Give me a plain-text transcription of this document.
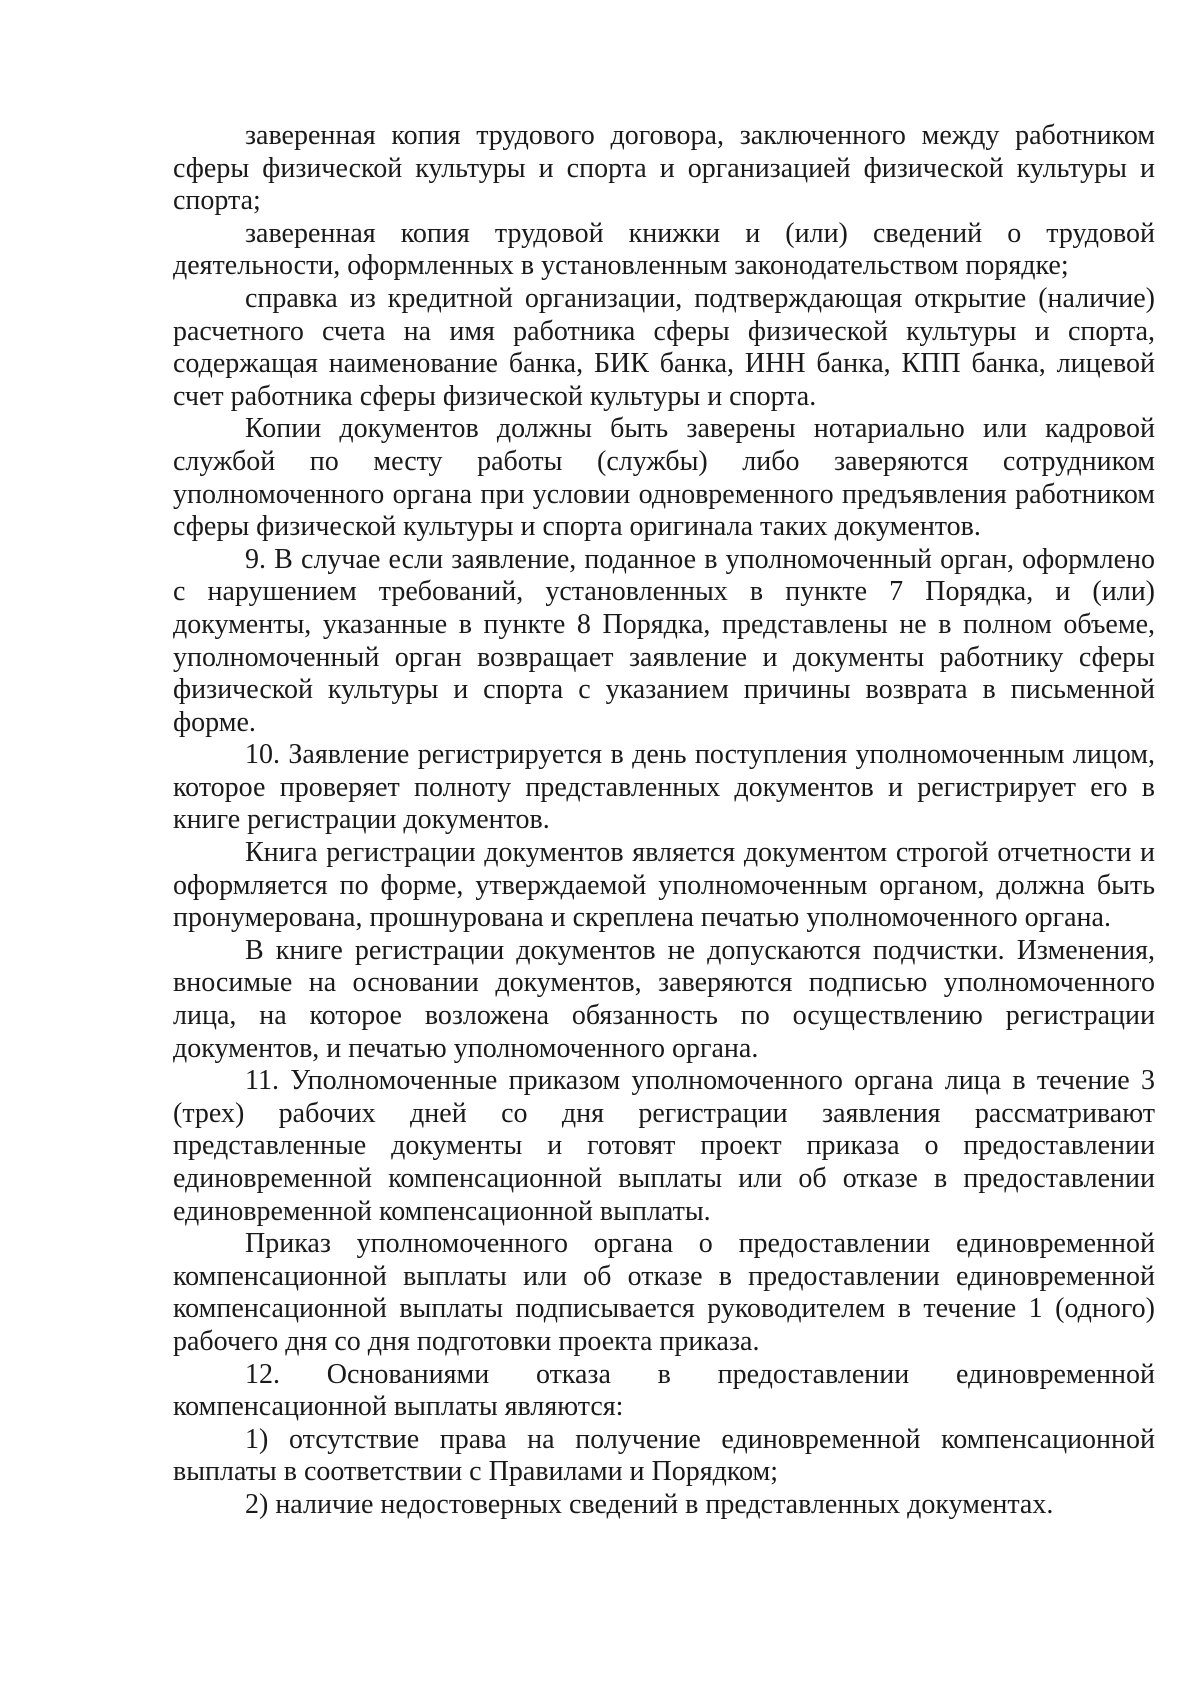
заверенная копия трудового договора, заключенного между работником сферы физической культуры и спорта и организацией физической культуры и спорта;

заверенная копия трудовой книжки и (или) сведений о трудовой деятельности, оформленных в установленным законодательством порядке;

справка из кредитной организации, подтверждающая открытие (наличие) расчетного счета на имя работника сферы физической культуры и спорта, содержащая наименование банка, БИК банка, ИНН банка, КПП банка, лицевой счет работника сферы физической культуры и спорта.

Копии документов должны быть заверены нотариально или кадровой службой по месту работы (службы) либо заверяются сотрудником уполномоченного органа при условии одновременного предъявления работником сферы физической культуры и спорта оригинала таких документов.

9. В случае если заявление, поданное в уполномоченный орган, оформлено с нарушением требований, установленных в пункте 7 Порядка, и (или) документы, указанные в пункте 8 Порядка, представлены не в полном объеме, уполномоченный орган возвращает заявление и документы работнику сферы физической культуры и спорта с указанием причины возврата в письменной форме.

10. Заявление регистрируется в день поступления уполномоченным лицом, которое проверяет полноту представленных документов и регистрирует его в книге регистрации документов.

Книга регистрации документов является документом строгой отчетности и оформляется по форме, утверждаемой уполномоченным органом, должна быть пронумерована, прошнурована и скреплена печатью уполномоченного органа.

В книге регистрации документов не допускаются подчистки. Изменения, вносимые на основании документов, заверяются подписью уполномоченного лица, на которое возложена обязанность по осуществлению регистрации документов, и печатью уполномоченного органа.

11. Уполномоченные приказом уполномоченного органа лица в течение 3 (трех) рабочих дней со дня регистрации заявления рассматривают представленные документы и готовят проект приказа о предоставлении единовременной компенсационной выплаты или об отказе в предоставлении единовременной компенсационной выплаты.

Приказ уполномоченного органа о предоставлении единовременной компенсационной выплаты или об отказе в предоставлении единовременной компенсационной выплаты подписывается руководителем в течение 1 (одного) рабочего дня со дня подготовки проекта приказа.

12. Основаниями отказа в предоставлении единовременной компенсационной выплаты являются:

1) отсутствие права на получение единовременной компенсационной выплаты в соответствии с Правилами и Порядком;

2) наличие недостоверных сведений в представленных документах.
